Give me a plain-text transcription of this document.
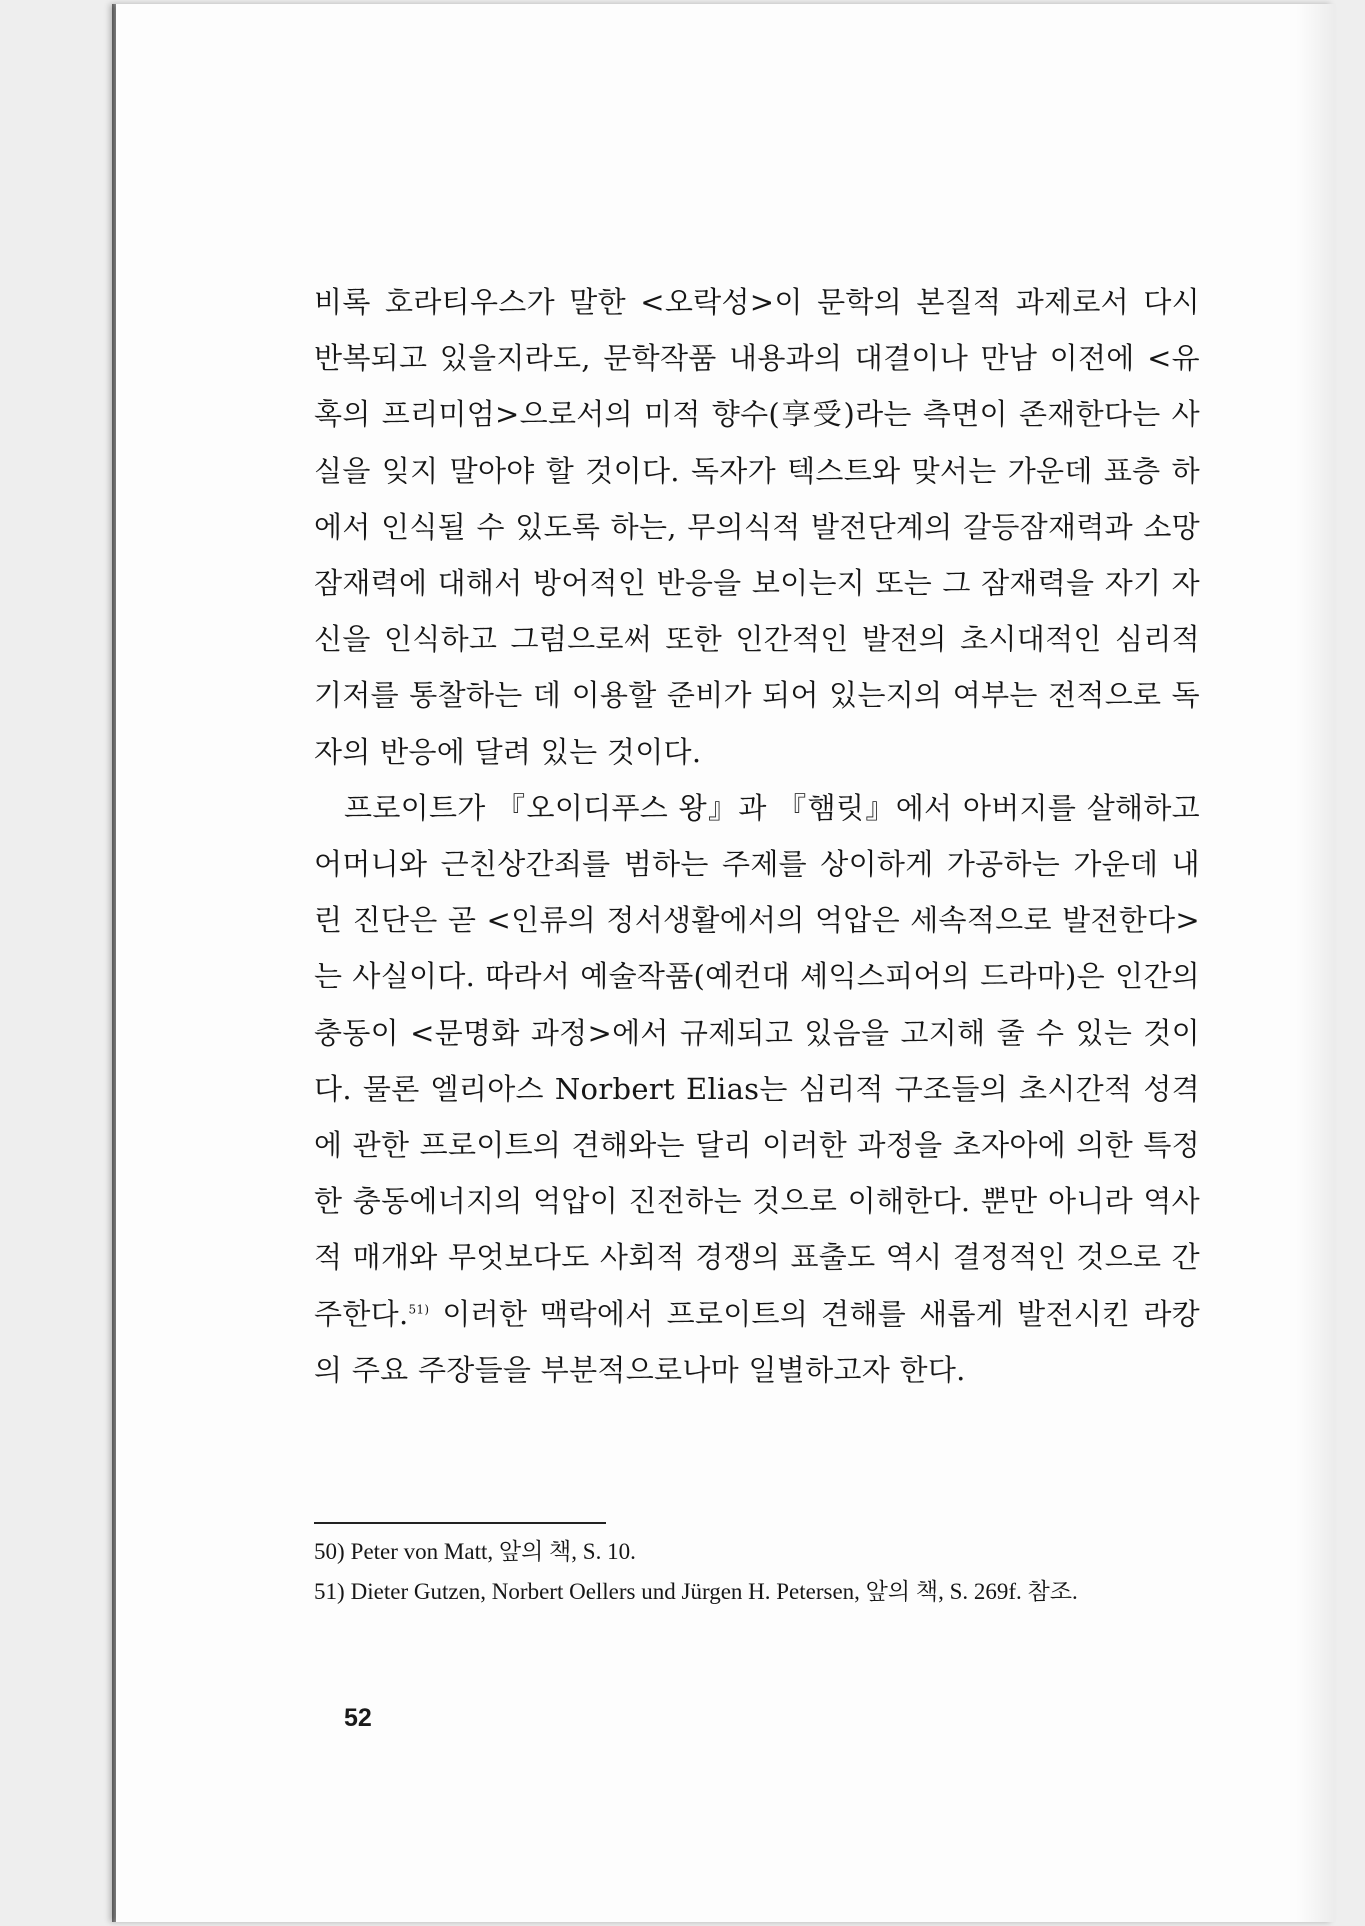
비록 호라티우스가 말한 <오락성>이 문학의 본질적 과제로서 다시 반복되고 있을지라도, 문학작품 내용과의 대결이나 만남 이전에 <유혹의 프리미엄>으로서의 미적 향수(享受)라는 측면이 존재한다는 사실을 잊지 말아야 할 것이다. 독자가 텍스트와 맞서는 가운데 표층 하에서 인식될 수 있도록 하는, 무의식적 발전단계의 갈등잠재력과 소망잠재력에 대해서 방어적인 반응을 보이는지 또는 그 잠재력을 자기 자신을 인식하고 그럼으로써 또한 인간적인 발전의 초시대적인 심리적 기저를 통찰하는 데 이용할 준비가 되어 있는지의 여부는 전적으로 독자의 반응에 달려 있는 것이다.

프로이트가 『오이디푸스 왕』과 『햄릿』에서 아버지를 살해하고 어머니와 근친상간죄를 범하는 주제를 상이하게 가공하는 가운데 내린 진단은 곧 <인류의 정서생활에서의 억압은 세속적으로 발전한다>는 사실이다. 따라서 예술작품(예컨대 셰익스피어의 드라마)은 인간의 충동이 <문명화 과정>에서 규제되고 있음을 고지해 줄 수 있는 것이다. 물론 엘리아스 Norbert Elias는 심리적 구조들의 초시간적 성격에 관한 프로이트의 견해와는 달리 이러한 과정을 초자아에 의한 특정한 충동에너지의 억압이 진전하는 것으로 이해한다. 뿐만 아니라 역사적 매개와 무엇보다도 사회적 경쟁의 표출도 역시 결정적인 것으로 간주한다.$^{51)}$ 이러한 맥락에서 프로이트의 견해를 새롭게 발전시킨 라캉의 주요 주장들을 부분적으로나마 일별하고자 한다.

50) Peter von Matt, 앞의 책, S. 10.
51) Dieter Gutzen, Norbert Oellers und Jürgen H. Petersen, 앞의 책, S. 269f. 참조.
52
